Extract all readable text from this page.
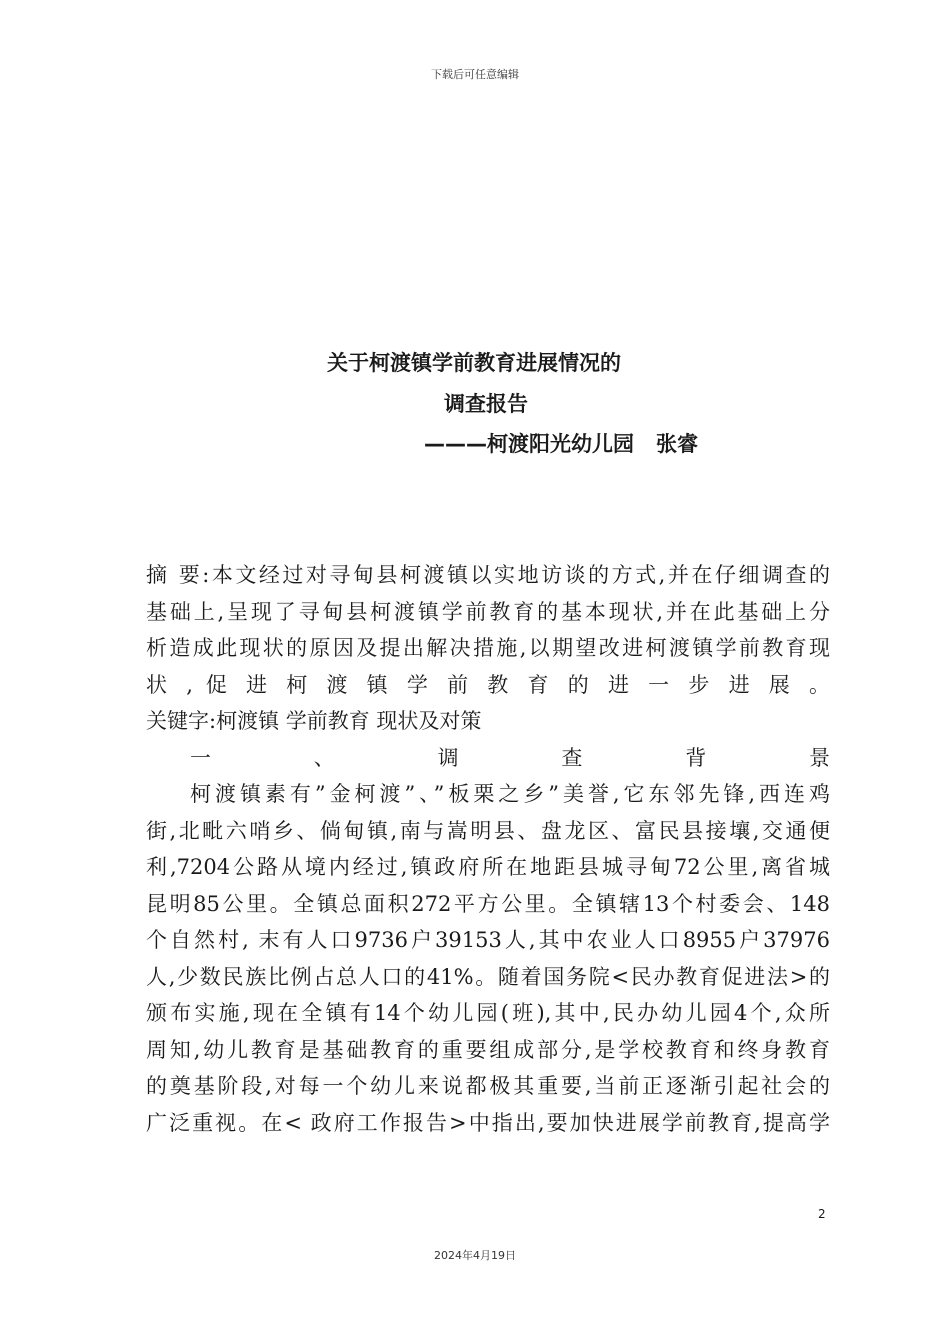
下载后可任意编辑
关于柯渡镇学前教育进展情况的
调查报告
———柯渡阳光幼儿园 张睿

摘 要:本文经过对寻甸县柯渡镇以实地访谈的方式,并在仔细调查的

基础上,呈现了寻甸县柯渡镇学前教育的基本现状,并在此基础上分

析造成此现状的原因及提出解决措施,以期望改进柯渡镇学前教育现

状 , 促 进 柯 渡 镇 学 前 教 育 的 进 一 步 进 展 。

关键字:柯渡镇 学前教育 现状及对策

一 、 调 查 背 景

柯渡镇素有”金柯渡”、”板栗之乡”美誉,它东邻先锋,西连鸡

街,北毗六哨乡、倘甸镇,南与嵩明县、盘龙区、富民县接壤,交通便

利,7204公路从境内经过,镇政府所在地距县城寻甸72公里,离省城

昆明85公里。全镇总面积272平方公里。全镇辖13个村委会、148

个自然村, 末有人口9736户39153人,其中农业人口8955户37976

人,少数民族比例占总人口的41%。随着国务院<民办教育促进法>的

颁布实施,现在全镇有14个幼儿园(班),其中,民办幼儿园4个,众所

周知,幼儿教育是基础教育的重要组成部分,是学校教育和终身教育

的奠基阶段,对每一个幼儿来说都极其重要,当前正逐渐引起社会的

广泛重视。在< 政府工作报告>中指出,要加快进展学前教育,提高学

2
2024年4月19日
